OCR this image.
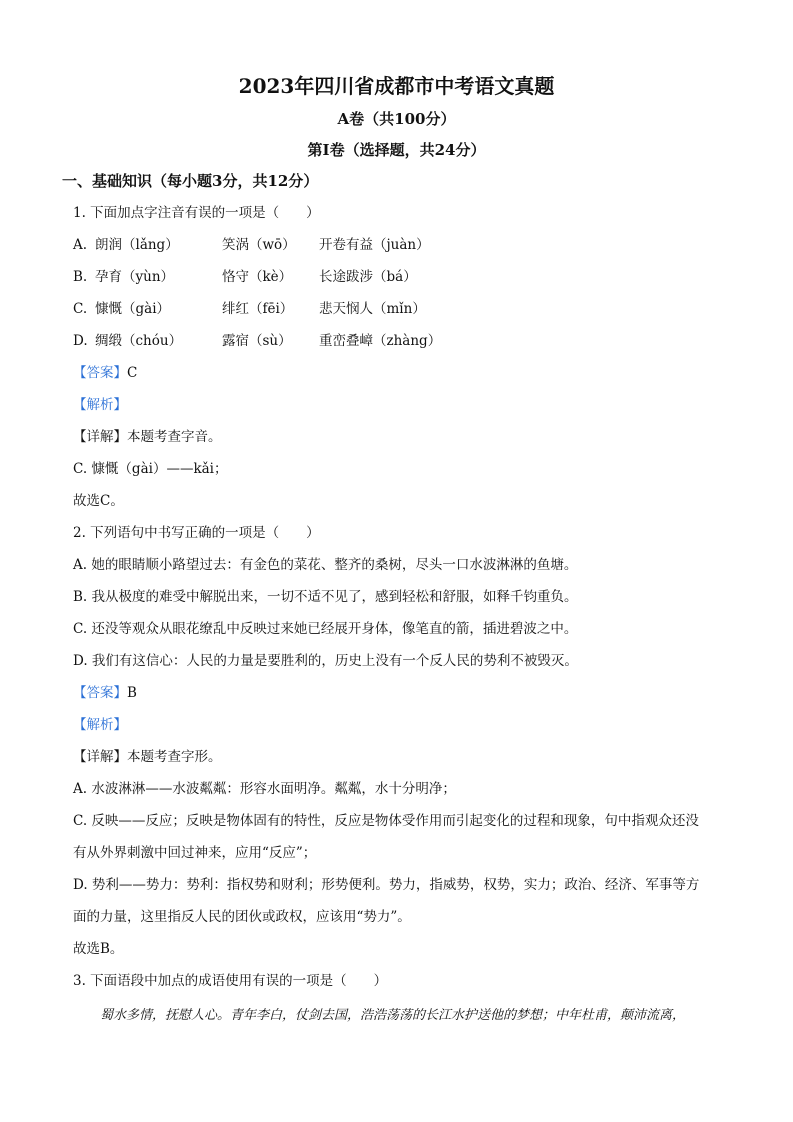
2023年四川省成都市中考语文真题
A卷（共100分）
第I卷（选择题，共24分）
一、基础知识（每小题3分，共12分）
1. 下面加点字注音有误的一项是（　　）
A. 朗润（lǎng）	笑涡（wō） 开卷有益（juàn）
B. 孕育（yùn）	恪守（kè） 长途跋涉（bá）
C. 慷慨（gài）	绯红（fēi） 悲天悯人（mǐn）
D. 绸缎（chóu）	露宿（sù） 重峦叠嶂（zhàng）
【答案】C
【解析】
【详解】本题考查字音。
C. 慷慨（gài）——kǎi；
故选C。
2. 下列语句中书写正确的一项是（　　）
A. 她的眼睛顺小路望过去：有金色的菜花、整齐的桑树，尽头一口水波淋淋的鱼塘。
B. 我从极度的难受中解脱出来，一切不适不见了，感到轻松和舒服，如释千钧重负。
C. 还没等观众从眼花缭乱中反映过来她已经展开身体，像笔直的箭，插进碧波之中。
D. 我们有这信心：人民的力量是要胜利的，历史上没有一个反人民的势利不被毁灭。
【答案】B
【解析】
【详解】本题考查字形。
A. 水波淋淋——水波粼粼：形容水面明净。粼粼，水十分明净；
C. 反映——反应；反映是物体固有的特性，反应是物体受作用而引起变化的过程和现象，句中指观众还没
有从外界刺激中回过神来，应用“反应”；
D. 势利——势力：势利：指权势和财利；形势便利。势力，指威势，权势，实力；政治、经济、军事等方
面的力量，这里指反人民的团伙或政权，应该用“势力”。
故选B。
3. 下面语段中加点的成语使用有误的一项是（　　）
蜀水多情，抚慰人心。青年李白，仗剑去国，浩浩荡荡的长江水护送他的梦想；中年杜甫，颠沛流离，
